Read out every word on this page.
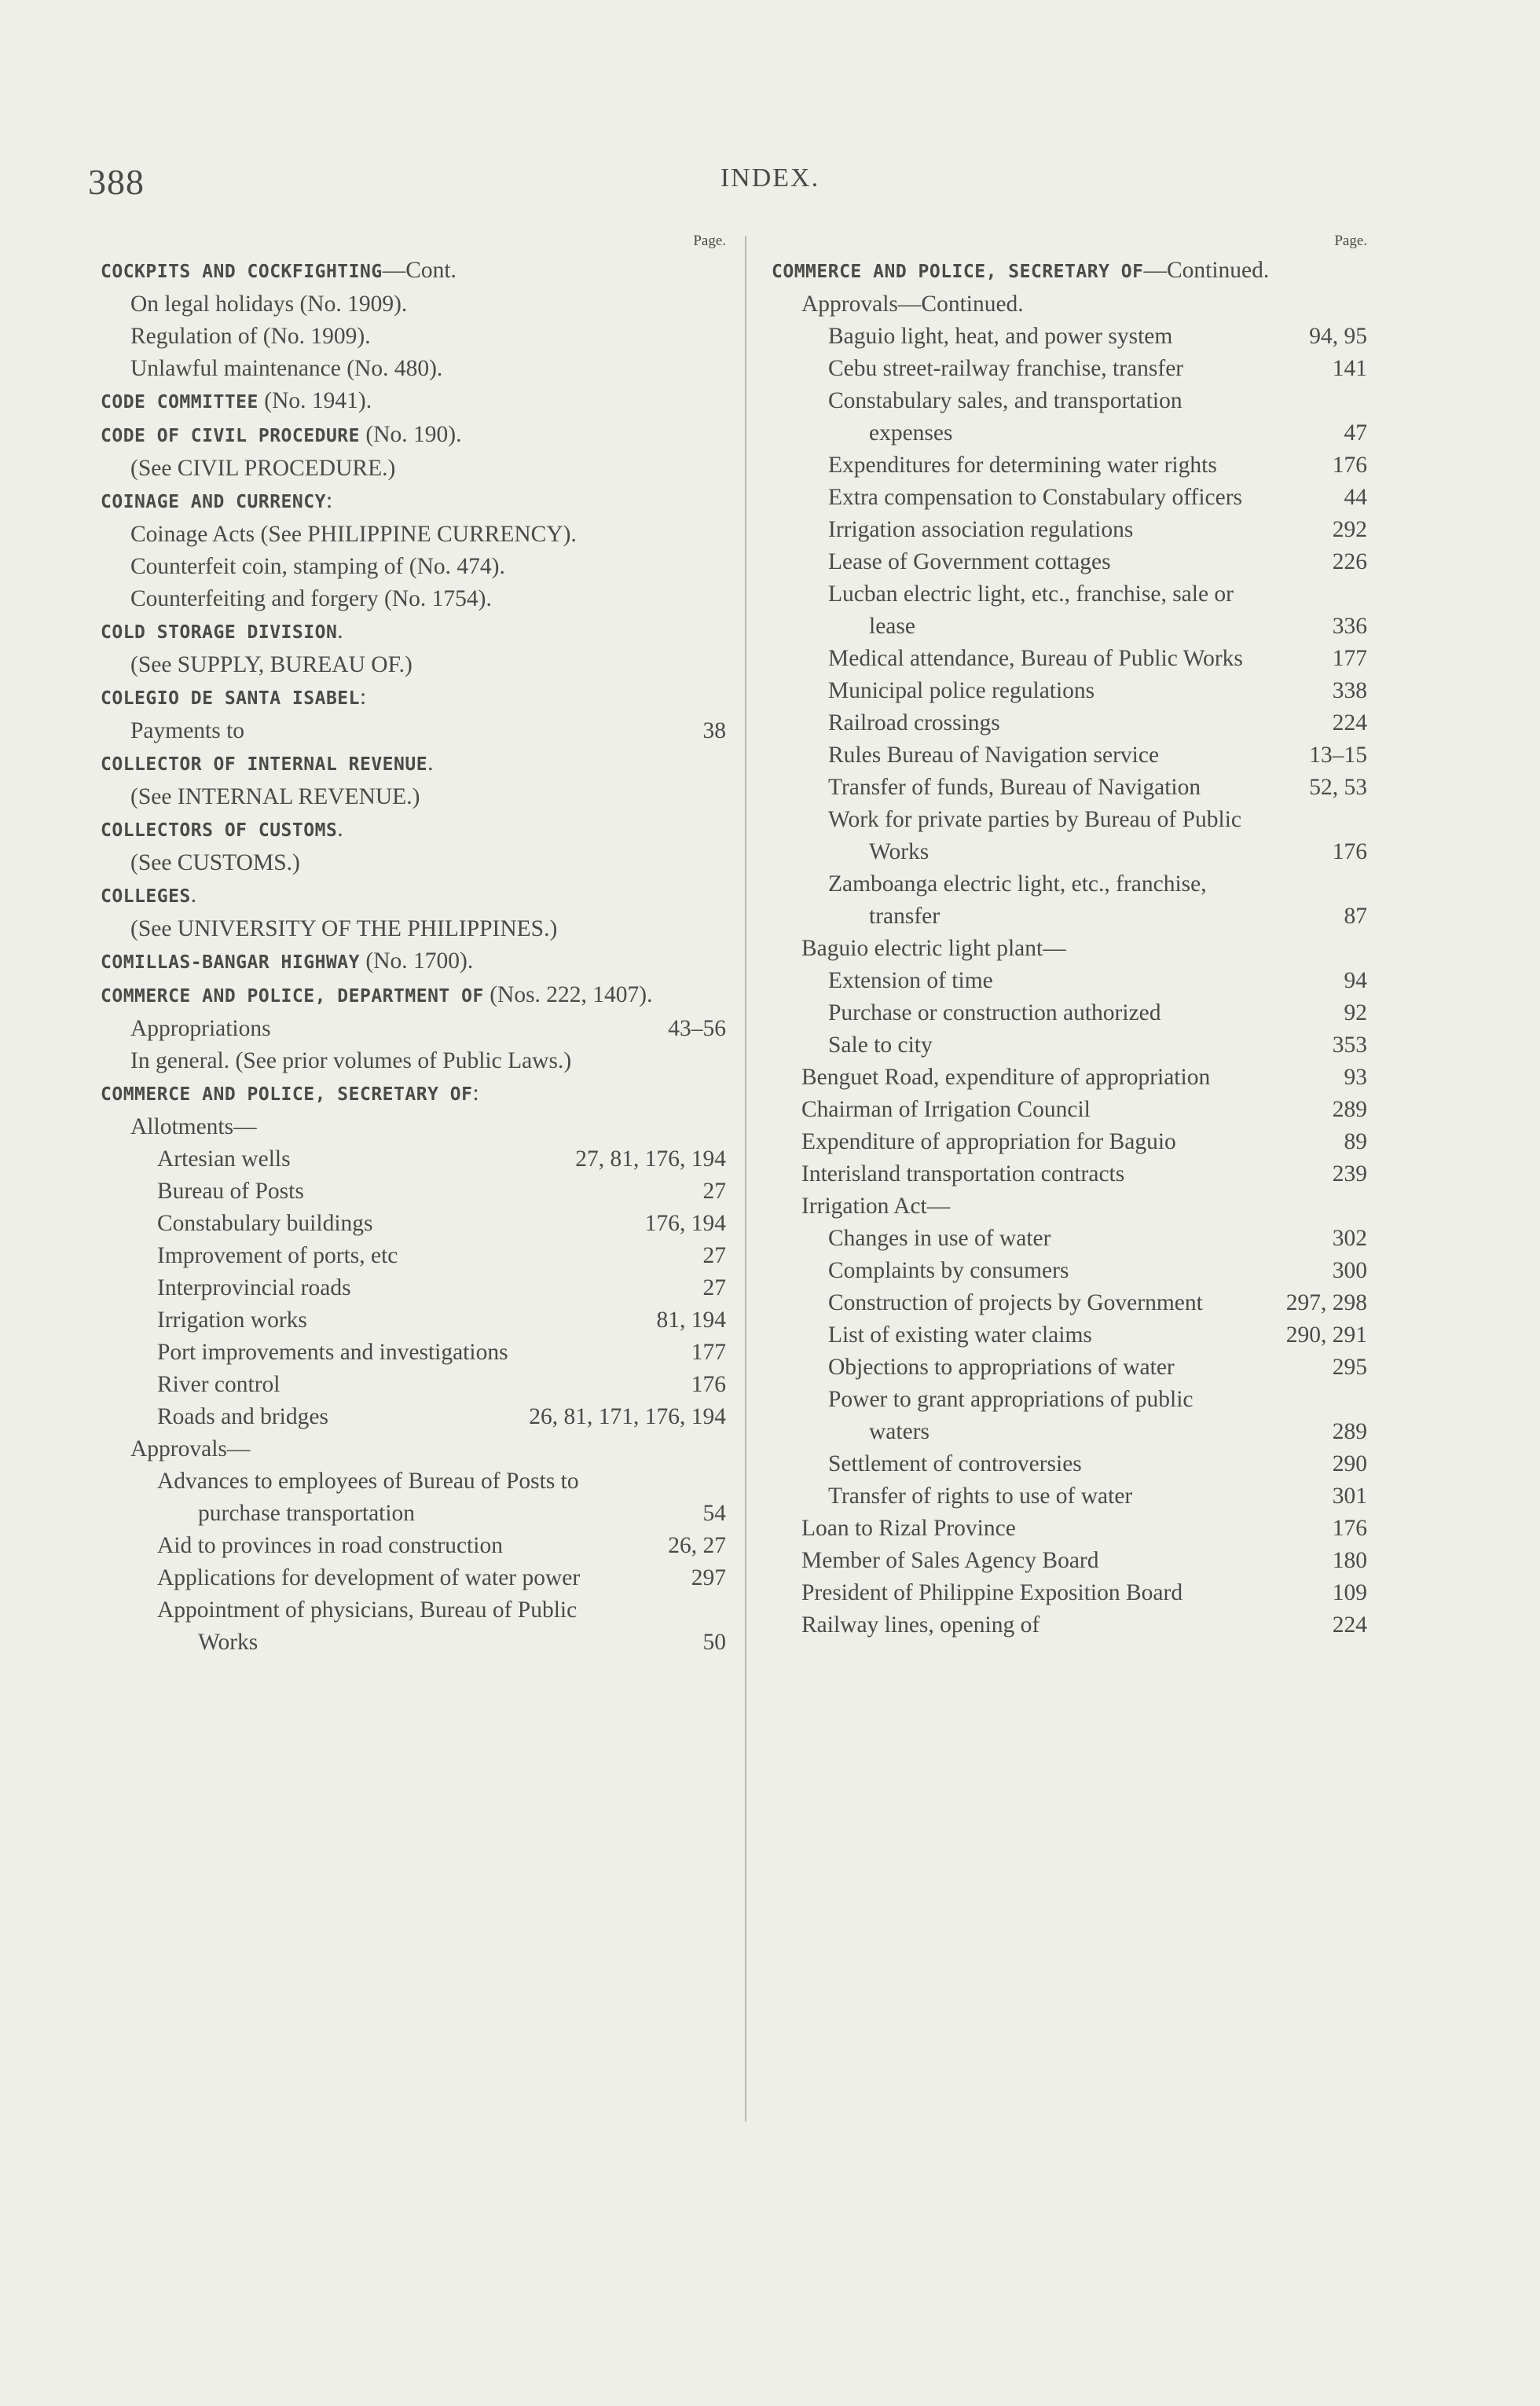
388	INDEX.
Page.
COCKPITS AND COCKFIGHTING—Cont.
On legal holidays (No. 1909).
Regulation of (No. 1909).
Unlawful maintenance (No. 480).
CODE COMMITTEE (No. 1941).
CODE OF CIVIL PROCEDURE (No. 190).
(See CIVIL PROCEDURE.)
COINAGE AND CURRENCY:
Coinage Acts (See PHILIPPINE CURRENCY).
Counterfeit coin, stamping of (No. 474).
Counterfeiting and forgery (No. 1754).
COLD STORAGE DIVISION.
(See SUPPLY, BUREAU OF.)
COLEGIO DE SANTA ISABEL:
Payments to	38
COLLECTOR OF INTERNAL REVENUE.
(See INTERNAL REVENUE.)
COLLECTORS OF CUSTOMS.
(See CUSTOMS.)
COLLEGES.
(See UNIVERSITY OF THE PHILIPPINES.)
COMILLAS-BANGAR HIGHWAY (No. 1700).
COMMERCE AND POLICE, DEPARTMENT OF (Nos. 222, 1407).
Appropriations	43–56
In general. (See prior volumes of Public Laws.)
COMMERCE AND POLICE, SECRETARY OF:
Allotments—
Artesian wells	27, 81, 176, 194
Bureau of Posts	27
Constabulary buildings	176, 194
Improvement of ports, etc	27
Interprovincial roads	27
Irrigation works	81, 194
Port improvements and investigations	177
River control	176
Roads and bridges	26, 81, 171, 176, 194
Approvals—
Advances to employees of Bureau of Posts to purchase transportation	54
Aid to provinces in road construction	26, 27
Applications for development of water power	297
Appointment of physicians, Bureau of Public Works	50
Page.
COMMERCE AND POLICE, SECRETARY OF—Continued.
Approvals—Continued.
Baguio light, heat, and power system	94, 95
Cebu street-railway franchise, transfer	141
Constabulary sales, and transportation expenses	47
Expenditures for determining water rights	176
Extra compensation to Constabulary officers	44
Irrigation association regulations	292
Lease of Government cottages	226
Lucban electric light, etc., franchise, sale or lease	336
Medical attendance, Bureau of Public Works	177
Municipal police regulations	338
Railroad crossings	224
Rules Bureau of Navigation service	13–15
Transfer of funds, Bureau of Navigation	52, 53
Work for private parties by Bureau of Public Works	176
Zamboanga electric light, etc., franchise, transfer	87
Baguio electric light plant—
Extension of time	94
Purchase or construction authorized	92
Sale to city	353
Benguet Road, expenditure of appropriation	93
Chairman of Irrigation Council	289
Expenditure of appropriation for Baguio	89
Interisland transportation contracts	239
Irrigation Act—
Changes in use of water	302
Complaints by consumers	300
Construction of projects by Government	297, 298
List of existing water claims	290, 291
Objections to appropriations of water	295
Power to grant appropriations of public waters	289
Settlement of controversies	290
Transfer of rights to use of water	301
Loan to Rizal Province	176
Member of Sales Agency Board	180
President of Philippine Exposition Board	109
Railway lines, opening of	224
